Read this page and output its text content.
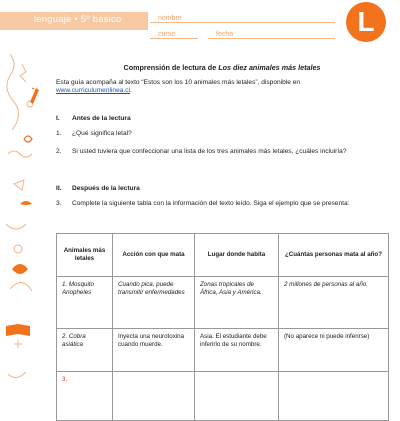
lenguaje • 5º básico	nombre
curso	fecha	L

Comprensión de lectura de Los diez animales más letales

Esta guía acompaña al texto “Estos son los 10 animales más letales”, disponible en
www.curriculumenlinea.cl.

I. Antes de la lectura
1. ¿Qué significa letal?
2. Si usted tuviera que confeccionar una lista de los tres animales más letales, ¿cuáles incluiría?
II. Después de la lectura
3. Complete la siguiente tabla con la información del texto leído. Siga el ejemplo que se presenta:
Animales más letales	Acción con que mata	Lugar donde habita	¿Cuántas personas mata al año?
1. Mosquito Anopheles	Cuando pica, puede transmitir enfermedades	Zonas tropicales de África, Asia y América.	2 millones de personas al año.
2. Cobra asiática	Inyecta una neurotoxina cuando muerde.	Asia. El estudiante debe inferirlo de su nombre.	(No aparece ni puede inferirse)
3.			
